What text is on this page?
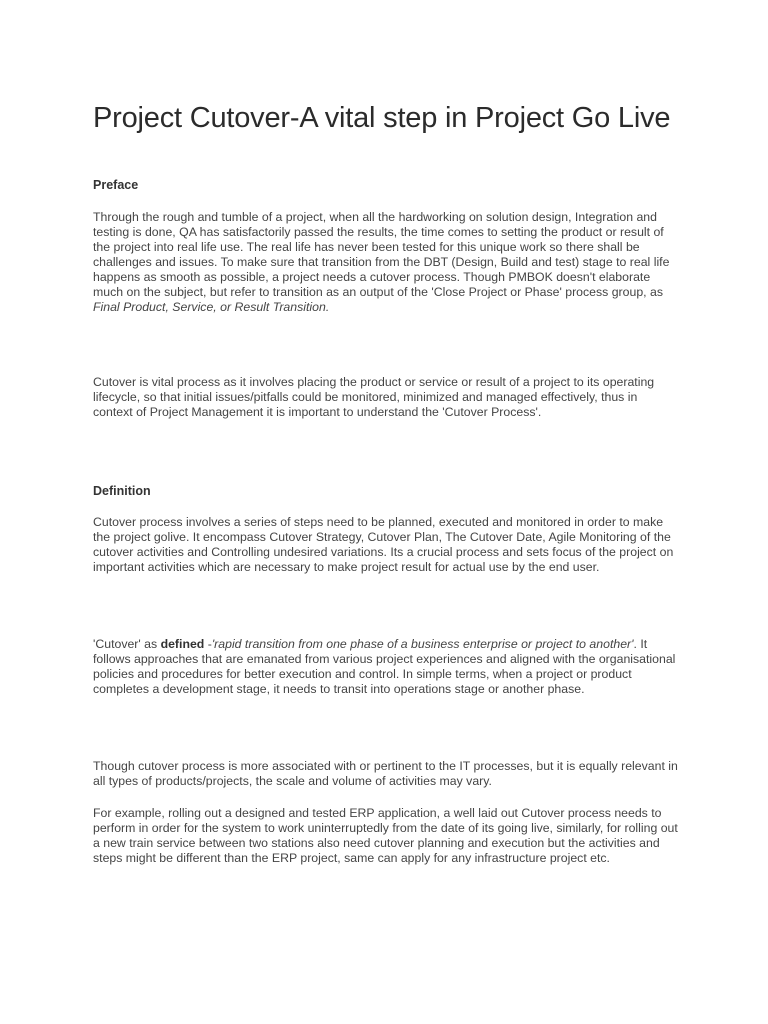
Project Cutover-A vital step in Project Go Live
Preface

Through the rough and tumble of a project, when all the hardworking on solution design, Integration and testing is done, QA has satisfactorily passed the results, the time comes to setting the product or result of the project into real life use. The real life has never been tested for this unique work so there shall be challenges and issues. To make sure that transition from the DBT (Design, Build and test) stage to real life happens as smooth as possible, a project needs a cutover process. Though PMBOK doesn't elaborate much on the subject, but refer to transition as an output of the 'Close Project or Phase' process group, as Final Product, Service, or Result Transition.

Cutover is vital process as it involves placing the product or service or result of a project to its operating lifecycle, so that initial issues/pitfalls could be monitored, minimized and managed effectively, thus in context of Project Management it is important to understand the 'Cutover Process'.

Definition

Cutover process involves a series of steps need to be planned, executed and monitored in order to make the project golive. It encompass Cutover Strategy, Cutover Plan, The Cutover Date, Agile Monitoring of the cutover activities and Controlling undesired variations. Its a crucial process and sets focus of the project on important activities which are necessary to make project result for actual use by the end user.

'Cutover' as defined -'rapid transition from one phase of a business enterprise or project to another'. It follows approaches that are emanated from various project experiences and aligned with the organisational policies and procedures for better execution and control. In simple terms, when a project or product completes a development stage, it needs to transit into operations stage or another phase.

Though cutover process is more associated with or pertinent to the IT processes, but it is equally relevant in all types of products/projects, the scale and volume of activities may vary.

For example, rolling out a designed and tested ERP application, a well laid out Cutover process needs to perform in order for the system to work uninterruptedly from the date of its going live, similarly, for rolling out a new train service between two stations also need cutover planning and execution but the activities and steps might be different than the ERP project, same can apply for any infrastructure project etc.
